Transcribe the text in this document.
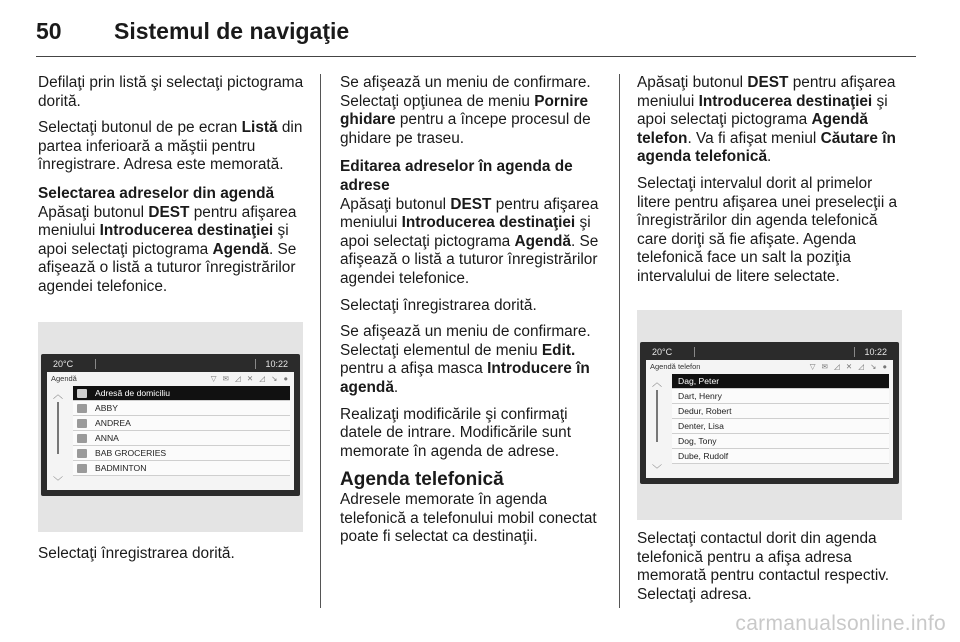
50 Sistemul de navigaţie

Defilaţi prin listă şi selectaţi pictograma dorită.

Selectaţi butonul de pe ecran Listă din partea inferioară a măştii pentru înregistrare. Adresa este memorată.

Selectarea adreselor din agendă

Apăsaţi butonul DEST pentru afişarea meniului Introducerea destinaţiei şi apoi selectaţi pictograma Agendă. Se afişează o listă a tuturor înregistrărilor agendei telefonice.

20°C	10:22
Agendă	▽ ✉ ◿ ✕ ◿ ↘ ●
︿
﹀
Adresă de domiciliu
ABBY
ANDREA
ANNA
BAB GROCERIES
BADMINTON

Selectaţi înregistrarea dorită.

Se afişează un meniu de confirmare. Selectaţi opţiunea de meniu Pornire ghidare pentru a începe procesul de ghidare pe traseu.

Editarea adreselor în agenda de adrese

Apăsaţi butonul DEST pentru afişarea meniului Introducerea destinaţiei şi apoi selectaţi pictograma Agendă. Se afişează o listă a tuturor înregistrărilor agendei telefonice.

Selectaţi înregistrarea dorită.

Se afişează un meniu de confirmare. Selectaţi elementul de meniu Edit. pentru a afişa masca Introducere în agendă.

Realizaţi modificările şi confirmaţi datele de intrare. Modificările sunt memorate în agenda de adrese.

Agenda telefonică

Adresele memorate în agenda telefonică a telefonului mobil conectat poate fi selectat ca destinaţii.

Apăsaţi butonul DEST pentru afişarea meniului Introducerea destinaţiei şi apoi selectaţi pictograma Agendă telefon. Va fi afişat meniul Căutare în agenda telefonică.

Selectaţi intervalul dorit al primelor litere pentru afişarea unei preselecţii a înregistrărilor din agenda telefonică care doriţi să fie afişate. Agenda telefonică face un salt la poziţia intervalului de litere selectate.

20°C	10:22
Agendă telefon	▽ ✉ ◿ ✕ ◿ ↘ ●
︿
﹀
Dag, Peter
Dart, Henry
Dedur, Robert
Denter, Lisa
Dog, Tony
Dube, Rudolf

Selectaţi contactul dorit din agenda telefonică pentru a afişa adresa memorată pentru contactul respectiv. Selectaţi adresa.

carmanualsonline.info
